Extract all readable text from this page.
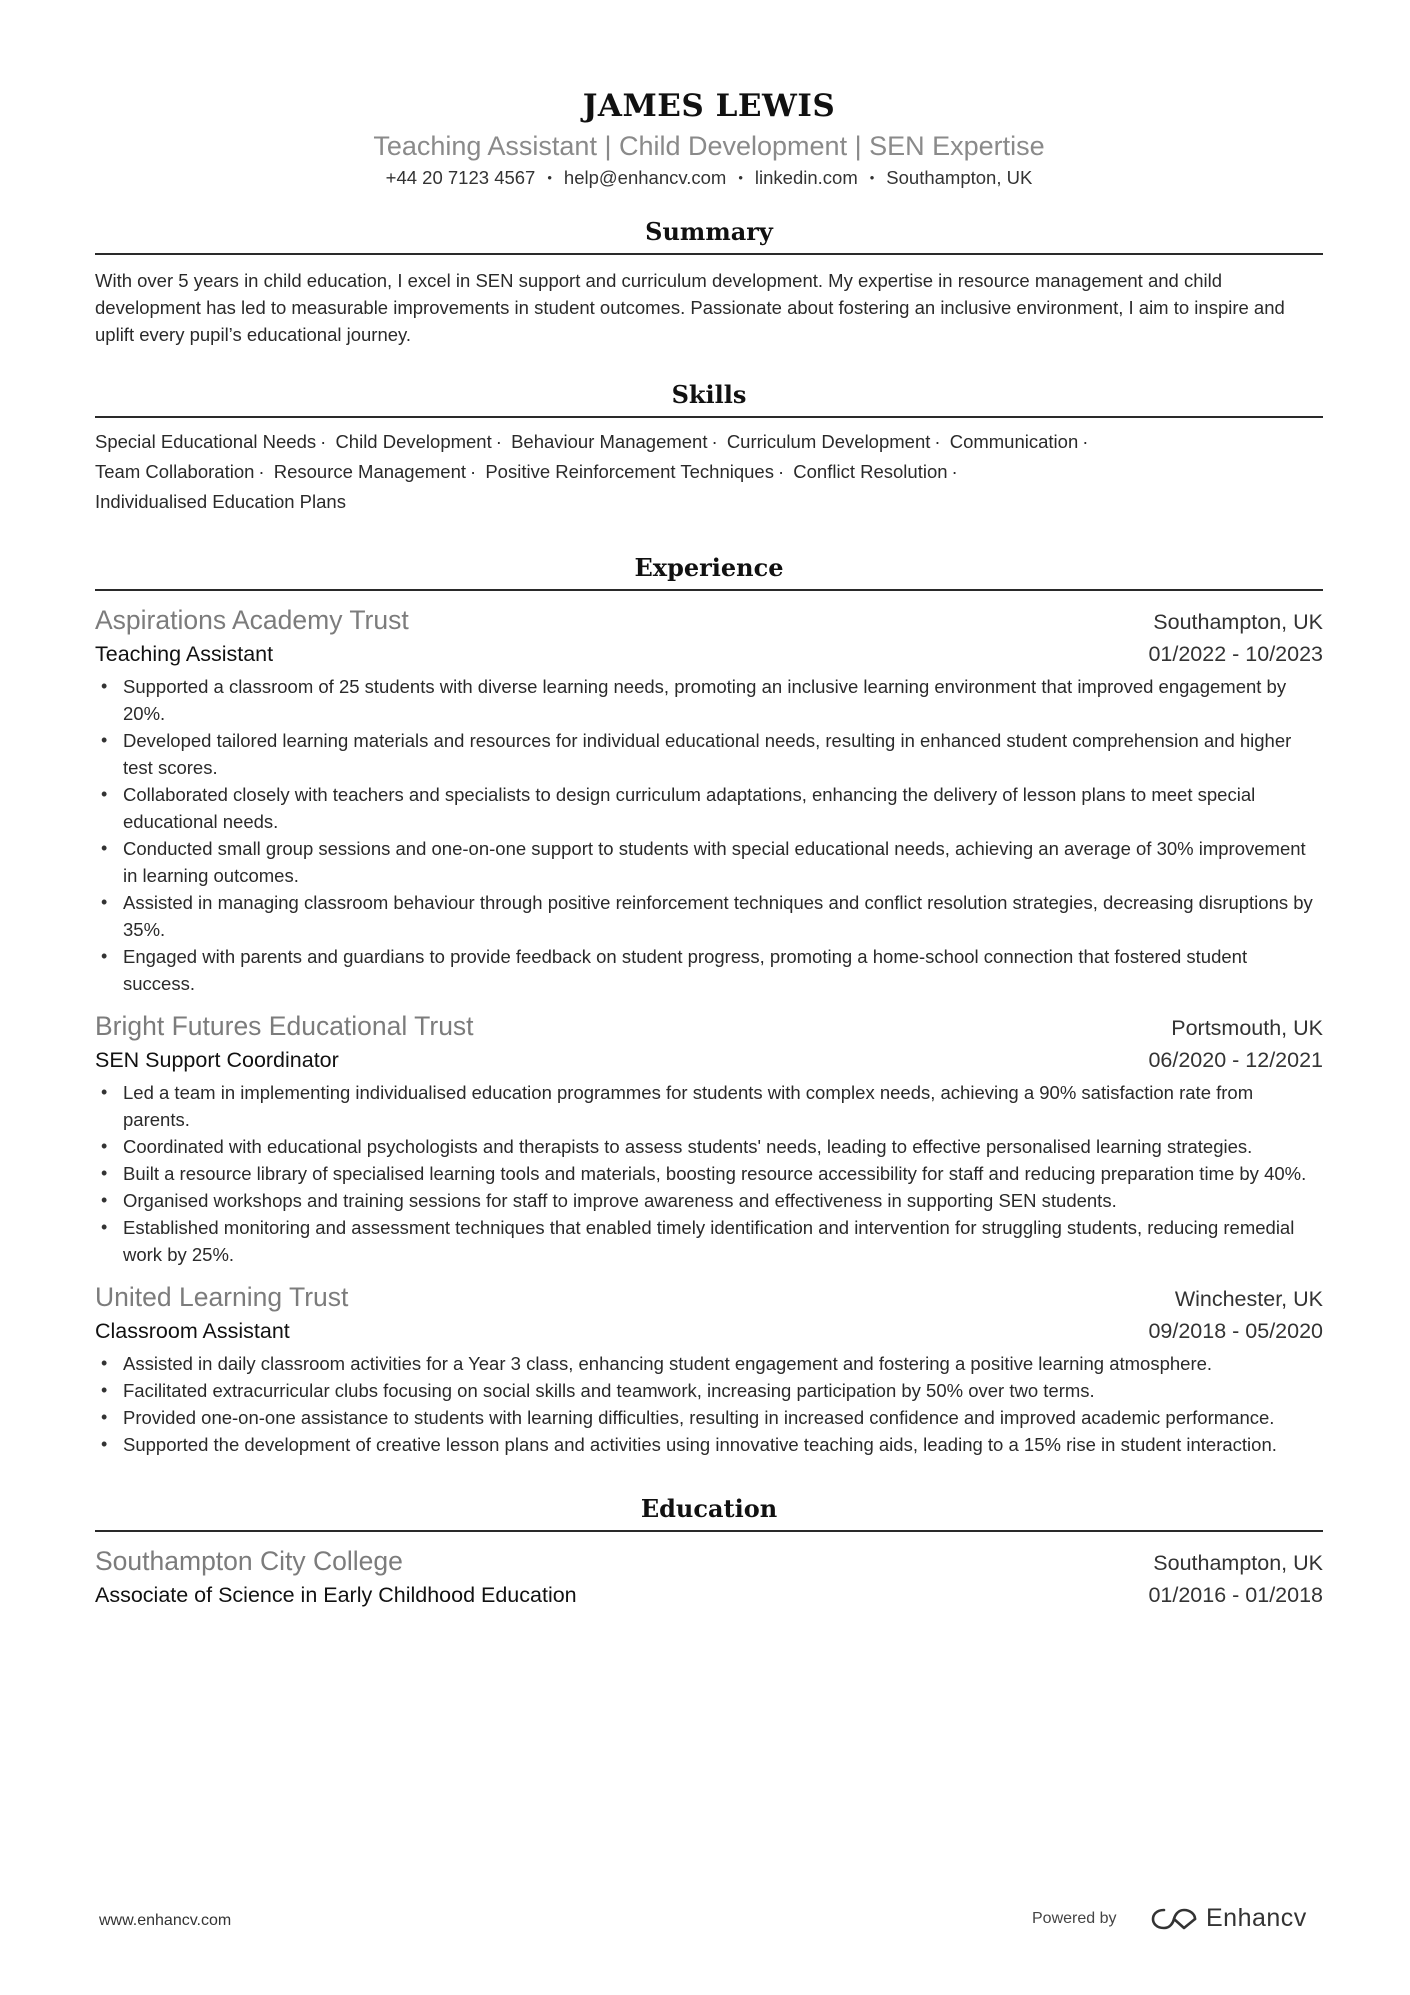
JAMES LEWIS
Teaching Assistant | Child Development | SEN Expertise
+44 20 7123 4567 • help@enhancv.com • linkedin.com • Southampton, UK
Summary
With over 5 years in child education, I excel in SEN support and curriculum development. My expertise in resource management and child development has led to measurable improvements in student outcomes. Passionate about fostering an inclusive environment, I aim to inspire and uplift every pupil’s educational journey.
Skills
Special Educational Needs · Child Development · Behaviour Management · Curriculum Development · Communication ·
Team Collaboration · Resource Management · Positive Reinforcement Techniques · Conflict Resolution ·
Individualised Education Plans
Experience
Aspirations Academy Trust	Southampton, UK
Teaching Assistant	01/2022 - 10/2023
• Supported a classroom of 25 students with diverse learning needs, promoting an inclusive learning environment that improved engagement by 20%.
• Developed tailored learning materials and resources for individual educational needs, resulting in enhanced student comprehension and higher test scores.
• Collaborated closely with teachers and specialists to design curriculum adaptations, enhancing the delivery of lesson plans to meet special educational needs.
• Conducted small group sessions and one-on-one support to students with special educational needs, achieving an average of 30% improvement in learning outcomes.
• Assisted in managing classroom behaviour through positive reinforcement techniques and conflict resolution strategies, decreasing disruptions by 35%.
• Engaged with parents and guardians to provide feedback on student progress, promoting a home-school connection that fostered student success.
Bright Futures Educational Trust	Portsmouth, UK
SEN Support Coordinator	06/2020 - 12/2021
• Led a team in implementing individualised education programmes for students with complex needs, achieving a 90% satisfaction rate from parents.
• Coordinated with educational psychologists and therapists to assess students' needs, leading to effective personalised learning strategies.
• Built a resource library of specialised learning tools and materials, boosting resource accessibility for staff and reducing preparation time by 40%.
• Organised workshops and training sessions for staff to improve awareness and effectiveness in supporting SEN students.
• Established monitoring and assessment techniques that enabled timely identification and intervention for struggling students, reducing remedial work by 25%.
United Learning Trust	Winchester, UK
Classroom Assistant	09/2018 - 05/2020
• Assisted in daily classroom activities for a Year 3 class, enhancing student engagement and fostering a positive learning atmosphere.
• Facilitated extracurricular clubs focusing on social skills and teamwork, increasing participation by 50% over two terms.
• Provided one-on-one assistance to students with learning difficulties, resulting in increased confidence and improved academic performance.
• Supported the development of creative lesson plans and activities using innovative teaching aids, leading to a 15% rise in student interaction.
Education
Southampton City College	Southampton, UK
Associate of Science in Early Childhood Education	01/2016 - 01/2018
www.enhancv.com	Powered by	Enhancv
